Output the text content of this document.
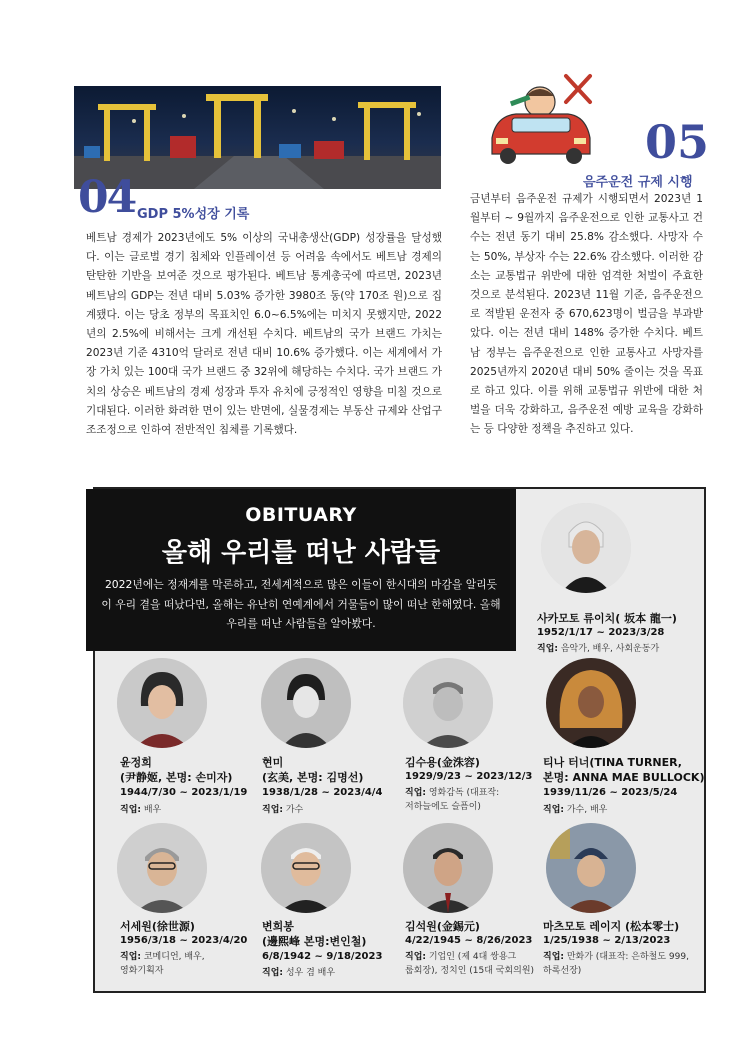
04 GDP 5%성장 기록

베트남 경제가 2023년에도 5% 이상의 국내총생산(GDP) 성장률을 달성했다. 이는 글로벌 경기 침체와 인플레이션 등 어려움 속에서도 베트남 경제의 탄탄한 기반을 보여준 것으로 평가된다. 베트남 통계총국에 따르면, 2023년 베트남의 GDP는 전년 대비 5.03% 증가한 3980조 동(약 170조 원)으로 집계됐다. 이는 당초 정부의 목표치인 6.0~6.5%에는 미치지 못했지만, 2022년의 2.5%에 비해서는 크게 개선된 수치다. 베트남의 국가 브랜드 가치는 2023년 기준 4310억 달러로 전년 대비 10.6% 증가했다. 이는 세계에서 가장 가치 있는 100대 국가 브랜드 중 32위에 해당하는 수치다. 국가 브랜드 가치의 상승은 베트남의 경제 성장과 투자 유치에 긍정적인 영향을 미칠 것으로 기대된다. 이러한 화려한 면이 있는 반면에, 실물경제는 부동산 규제와 산업구조조정으로 인하여 전반적인 침체를 기록했다.

05
음주운전 규제 시행

금년부터 음주운전 규제가 시행되면서 2023년 1월부터 ~ 9월까지 음주운전으로 인한 교통사고 건수는 전년 동기 대비 25.8% 감소했다. 사망자 수는 50%, 부상자 수는 22.6% 감소했다. 이러한 감소는 교통법규 위반에 대한 엄격한 처벌이 주효한 것으로 분석된다. 2023년 11월 기준, 음주운전으로 적발된 운전자 중 670,623명이 벌금을 부과받았다. 이는 전년 대비 148% 증가한 수치다. 베트남 정부는 음주운전으로 인한 교통사고 사망자를 2025년까지 2020년 대비 50% 줄이는 것을 목표로 하고 있다. 이를 위해 교통법규 위반에 대한 처벌을 더욱 강화하고, 음주운전 예방 교육을 강화하는 등 다양한 정책을 추진하고 있다.

OBITUARY
올해 우리를 떠난 사람들
2022년에는 정재계를 막론하고, 전세계적으로 많은 이들이 한시대의 마감을 알리듯이 우리 곁을 떠났다면, 올해는 유난히 연예계에서 거물들이 많이 떠난 한해였다. 올해 우리를 떠난 사람들을 알아봤다.	사카모토 류이치( 坂本 龍一)
1952/1/17 ~ 2023/3/28
직업: 음악가, 배우, 사회운동가
윤정희
(尹静姬, 본명: 손미자)
1944/7/30 ~ 2023/1/19
직업: 배우
현미
(玄美, 본명: 김명선)
1938/1/28 ~ 2023/4/4
직업: 가수
김수용(金洙容)
1929/9/23 ~ 2023/12/3
직업: 영화감독 (대표작:
저하늘에도 슬픔이)
티나 터너(TINA TURNER,
본명: ANNA MAE BULLOCK)
1939/11/26 ~ 2023/5/24
직업: 가수, 배우
서세원(徐世源)
1956/3/18 ~ 2023/4/20
직업: 코메디언, 배우,
영화기획자
변희봉
(邊熙峰 본명:변인철)
6/8/1942 ~ 9/18/2023
직업: 성우 겸 배우
김석원(金錫元)
4/22/1945 ~ 8/26/2023
직업: 기업인 (제 4대 쌍용그
룹회장), 정치인 (15대 국회의원)
마츠모토 레이지 (松本零士)
1/25/1938 ~ 2/13/2023
직업: 만화가 (대표작: 은하철도 999,
하록선장)
